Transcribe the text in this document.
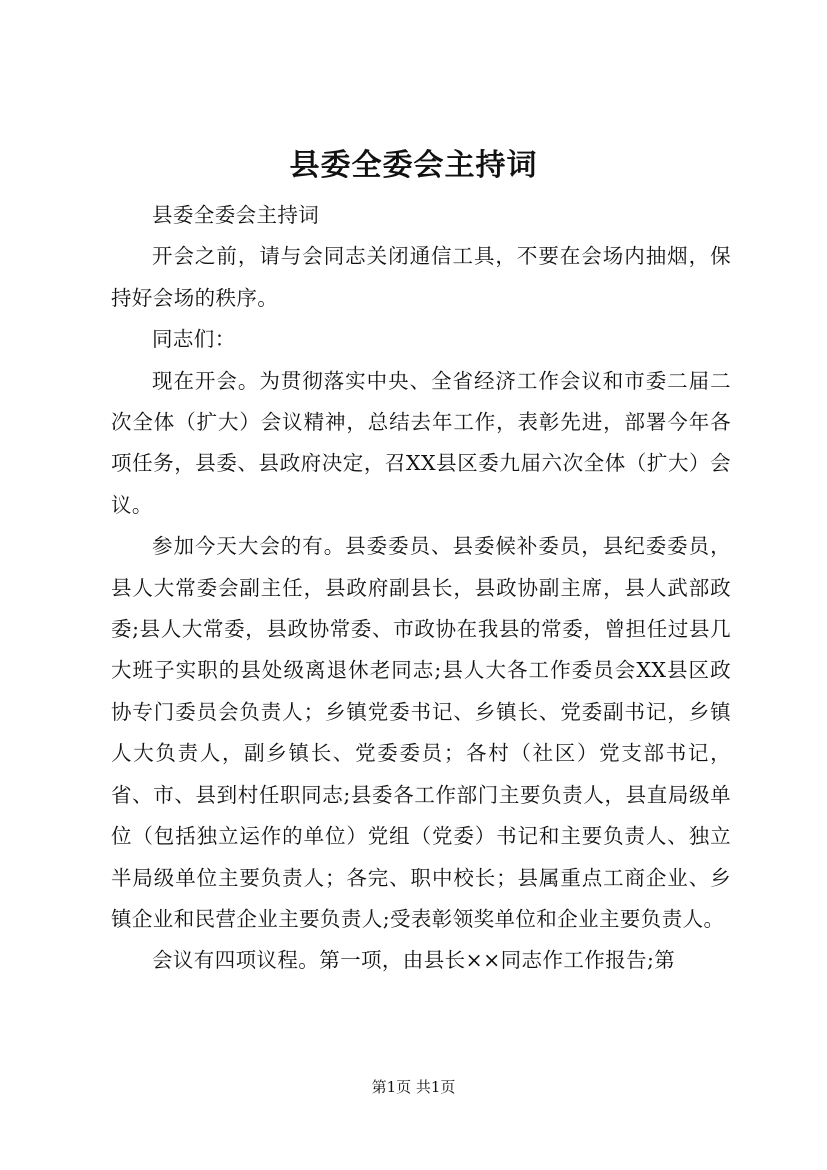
县委全委会主持词

县委全委会主持词

开会之前，请与会同志关闭通信工具，不要在会场内抽烟，保持好会场的秩序。

同志们：

现在开会。为贯彻落实中央、全省经济工作会议和市委二届二次全体（扩大）会议精神，总结去年工作，表彰先进，部署今年各项任务，县委、县政府决定，召XX县区委九届六次全体（扩大）会议。

参加今天大会的有。县委委员、县委候补委员，县纪委委员，县人大常委会副主任，县政府副县长，县政协副主席，县人武部政委;县人大常委，县政协常委、市政协在我县的常委，曾担任过县几大班子实职的县处级离退休老同志;县人大各工作委员会XX县区政协专门委员会负责人；乡镇党委书记、乡镇长、党委副书记，乡镇人大负责人，副乡镇长、党委委员；各村（社区）党支部书记，省、市、县到村任职同志;县委各工作部门主要负责人，县直局级单位（包括独立运作的单位）党组（党委）书记和主要负责人、独立半局级单位主要负责人；各完、职中校长；县属重点工商企业、乡镇企业和民营企业主要负责人;受表彰领奖单位和企业主要负责人。

会议有四项议程。第一项，由县长××同志作工作报告;第

第1页 共1页
